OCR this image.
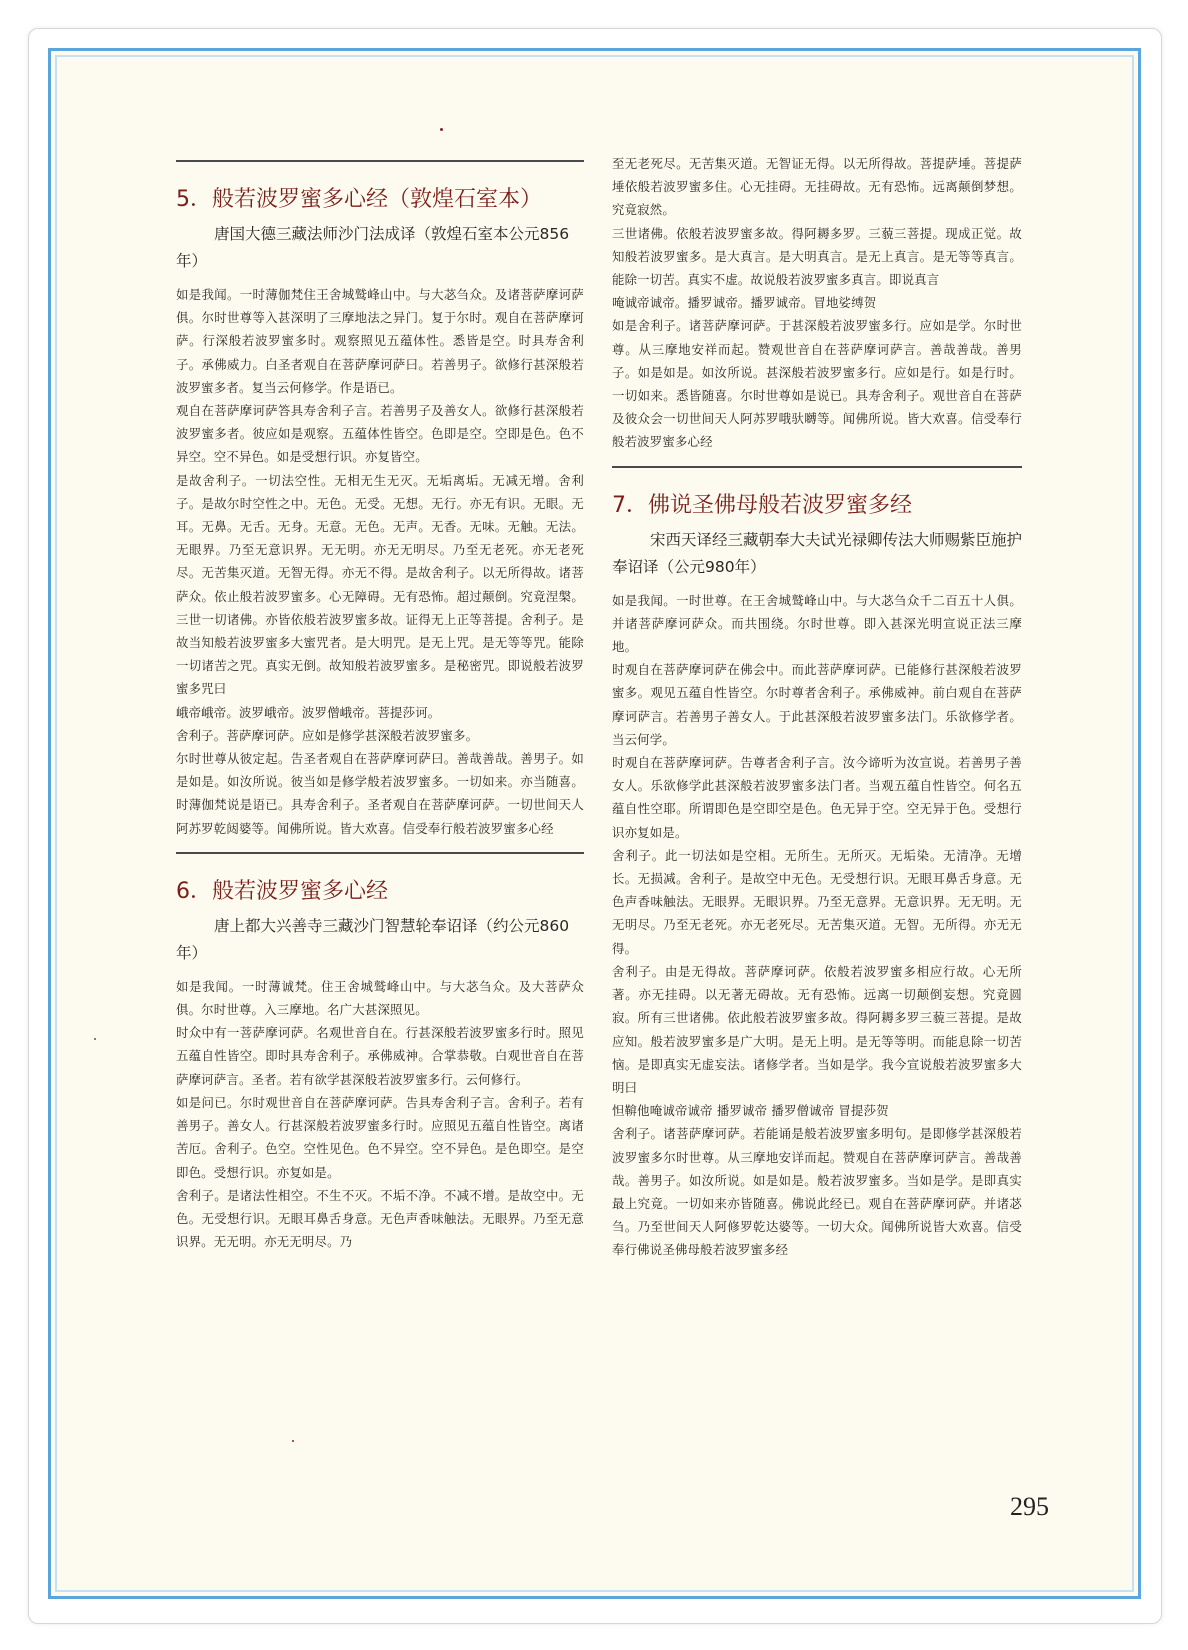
5．般若波罗蜜多心经（敦煌石室本）
唐国大德三藏法师沙门法成译（敦煌石室本公元856年）

如是我闻。一时薄伽梵住王舍城鹫峰山中。与大苾刍众。及诸菩萨摩诃萨俱。尔时世尊等入甚深明了三摩地法之异门。复于尔时。观自在菩萨摩诃萨。行深般若波罗蜜多时。观察照见五蕴体性。悉皆是空。时具寿舍利子。承佛威力。白圣者观自在菩萨摩诃萨曰。若善男子。欲修行甚深般若波罗蜜多者。复当云何修学。作是语已。

观自在菩萨摩诃萨答具寿舍利子言。若善男子及善女人。欲修行甚深般若波罗蜜多者。彼应如是观察。五蕴体性皆空。色即是空。空即是色。色不异空。空不异色。如是受想行识。亦复皆空。

是故舍利子。一切法空性。无相无生无灭。无垢离垢。无减无增。舍利子。是故尔时空性之中。无色。无受。无想。无行。亦无有识。无眼。无耳。无鼻。无舌。无身。无意。无色。无声。无香。无味。无触。无法。无眼界。乃至无意识界。无无明。亦无无明尽。乃至无老死。亦无老死尽。无苦集灭道。无智无得。亦无不得。是故舍利子。以无所得故。诸菩萨众。依止般若波罗蜜多。心无障碍。无有恐怖。超过颠倒。究竟涅槃。三世一切诸佛。亦皆依般若波罗蜜多故。证得无上正等菩提。舍利子。是故当知般若波罗蜜多大蜜咒者。是大明咒。是无上咒。是无等等咒。能除一切诸苦之咒。真实无倒。故知般若波罗蜜多。是秘密咒。即说般若波罗蜜多咒曰

峨帝峨帝。波罗峨帝。波罗僧峨帝。菩提莎诃。

舍利子。菩萨摩诃萨。应如是修学甚深般若波罗蜜多。

尔时世尊从彼定起。告圣者观自在菩萨摩诃萨曰。善哉善哉。善男子。如是如是。如汝所说。彼当如是修学般若波罗蜜多。一切如来。亦当随喜。时薄伽梵说是语已。具寿舍利子。圣者观自在菩萨摩诃萨。一切世间天人阿苏罗乾闼婆等。闻佛所说。皆大欢喜。信受奉行般若波罗蜜多心经

6．般若波罗蜜多心经
唐上都大兴善寺三藏沙门智慧轮奉诏译（约公元860年）

如是我闻。一时薄诚梵。住王舍城鹫峰山中。与大苾刍众。及大菩萨众俱。尔时世尊。入三摩地。名广大甚深照见。

时众中有一菩萨摩诃萨。名观世音自在。行甚深般若波罗蜜多行时。照见五蕴自性皆空。即时具寿舍利子。承佛威神。合掌恭敬。白观世音自在菩萨摩诃萨言。圣者。若有欲学甚深般若波罗蜜多行。云何修行。

如是问已。尔时观世音自在菩萨摩诃萨。告具寿舍利子言。舍利子。若有善男子。善女人。行甚深般若波罗蜜多行时。应照见五蕴自性皆空。离诸苦厄。舍利子。色空。空性见色。色不异空。空不异色。是色即空。是空即色。受想行识。亦复如是。

舍利子。是诸法性相空。不生不灭。不垢不净。不减不增。是故空中。无色。无受想行识。无眼耳鼻舌身意。无色声香味触法。无眼界。乃至无意识界。无无明。亦无无明尽。乃

至无老死尽。无苦集灭道。无智证无得。以无所得故。菩提萨埵。菩提萨埵依般若波罗蜜多住。心无挂碍。无挂碍故。无有恐怖。远离颠倒梦想。究竟寂然。

三世诸佛。依般若波罗蜜多故。得阿耨多罗。三藐三菩提。现成正觉。故知般若波罗蜜多。是大真言。是大明真言。是无上真言。是无等等真言。能除一切苦。真实不虚。故说般若波罗蜜多真言。即说真言

唵诚帝诚帝。播罗诚帝。播罗诚帝。冒地娑缚贺

如是舍利子。诸菩萨摩诃萨。于甚深般若波罗蜜多行。应如是学。尔时世尊。从三摩地安祥而起。赞观世音自在菩萨摩诃萨言。善哉善哉。善男子。如是如是。如汝所说。甚深般若波罗蜜多行。应如是行。如是行时。一切如来。悉皆随喜。尔时世尊如是说已。具寿舍利子。观世音自在菩萨及彼众会一切世间天人阿苏罗哦驮嚩等。闻佛所说。皆大欢喜。信受奉行般若波罗蜜多心经

7．佛说圣佛母般若波罗蜜多经
宋西天译经三藏朝奉大夫试光禄卿传法大师赐紫臣施护奉诏译（公元980年）

如是我闻。一时世尊。在王舍城鹫峰山中。与大苾刍众千二百五十人俱。并诸菩萨摩诃萨众。而共围绕。尔时世尊。即入甚深光明宣说正法三摩地。

时观自在菩萨摩诃萨在佛会中。而此菩萨摩诃萨。已能修行甚深般若波罗蜜多。观见五蕴自性皆空。尔时尊者舍利子。承佛威神。前白观自在菩萨摩诃萨言。若善男子善女人。于此甚深般若波罗蜜多法门。乐欲修学者。当云何学。

时观自在菩萨摩诃萨。告尊者舍利子言。汝今谛听为汝宣说。若善男子善女人。乐欲修学此甚深般若波罗蜜多法门者。当观五蕴自性皆空。何名五蕴自性空耶。所谓即色是空即空是色。色无异于空。空无异于色。受想行识亦复如是。

舍利子。此一切法如是空相。无所生。无所灭。无垢染。无清净。无增长。无损减。舍利子。是故空中无色。无受想行识。无眼耳鼻舌身意。无色声香味触法。无眼界。无眼识界。乃至无意界。无意识界。无无明。无无明尽。乃至无老死。亦无老死尽。无苦集灭道。无智。无所得。亦无无得。

舍利子。由是无得故。菩萨摩诃萨。依般若波罗蜜多相应行故。心无所著。亦无挂碍。以无著无碍故。无有恐怖。远离一切颠倒妄想。究竟圆寂。所有三世诸佛。依此般若波罗蜜多故。得阿耨多罗三藐三菩提。是故应知。般若波罗蜜多是广大明。是无上明。是无等等明。而能息除一切苦恼。是即真实无虚妄法。诸修学者。当如是学。我今宣说般若波罗蜜多大明曰

怛鞥他唵诚帝诚帝 播罗诚帝 播罗僧诚帝 冒提莎贺

舍利子。诸菩萨摩诃萨。若能诵是般若波罗蜜多明句。是即修学甚深般若波罗蜜多尔时世尊。从三摩地安详而起。赞观自在菩萨摩诃萨言。善哉善哉。善男子。如汝所说。如是如是。般若波罗蜜多。当如是学。是即真实最上究竟。一切如来亦皆随喜。佛说此经已。观自在菩萨摩诃萨。并诸苾刍。乃至世间天人阿修罗乾达婆等。一切大众。闻佛所说皆大欢喜。信受奉行佛说圣佛母般若波罗蜜多经

295
